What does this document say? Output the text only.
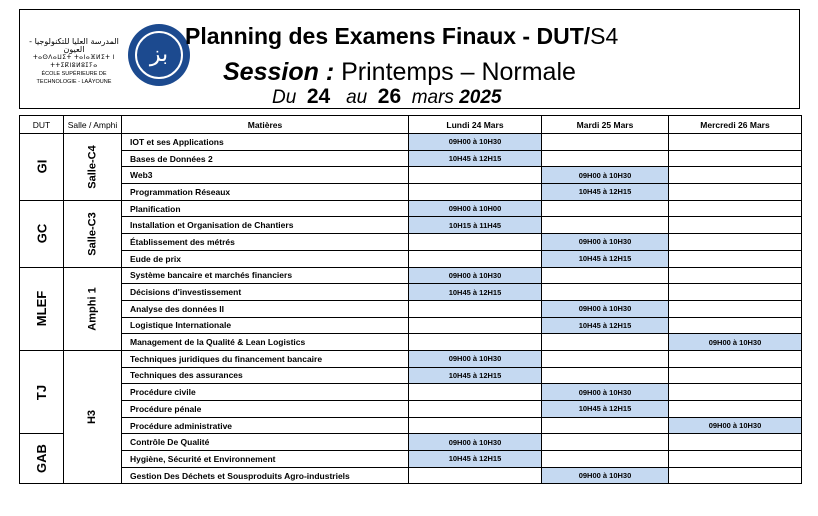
المدرسة العليا للتكنولوجيا - العيون
ⵜⴰⵙⴷⴰⵡⵉⵜ ⵜⴰⵏⴰⴼⵍⵉⵜ ⵏ ⵜⵜⵉⴽⵏⵓⵍⵓⵊⵢⴰ
ÉCOLE SUPÉRIEURE DE TECHNOLOGIE - LAÂYOUNE
ﺑﺰ
Planning des Examens Finaux - DUT/S4
Session : Printemps – Normale
Du 24 au 26 mars 2025
DUT	Salle / Amphi	Matières	Lundi 24 Mars	Mardi 25 Mars	Mercredi 26 Mars
GI	Salle-C4	IOT et ses Applications	09H00 à 10H30		
		Bases de Données 2	10H45 à 12H15		
		Web3		09H00 à 10H30	
		Programmation Réseaux		10H45 à 12H15	
GC	Salle-C3	Planification	09H00 à 10H00		
		Installation et Organisation de Chantiers	10H15 à 11H45		
		Établissement des métrés		09H00 à 10H30	
		Eude de prix		10H45 à 12H15	
MLEF	Amphi 1	Système bancaire et marchés financiers	09H00 à 10H30		
		Décisions d'investissement	10H45 à 12H15		
		Analyse des données II		09H00 à 10H30	
		Logistique Internationale		10H45 à 12H15	
		Management de la Qualité & Lean Logistics			09H00 à 10H30
TJ	H3	Techniques juridiques du financement bancaire	09H00 à 10H30		
		Techniques des assurances	10H45 à 12H15		
		Procédure civile		09H00 à 10H30	
		Procédure pénale		10H45 à 12H15	
		Procédure administrative			09H00 à 10H30
GAB		Contrôle De Qualité	09H00 à 10H30		
		Hygiène, Sécurité et Environnement	10H45 à 12H15		
		Gestion Des Déchets et Sousproduits Agro-industriels		09H00 à 10H30	
